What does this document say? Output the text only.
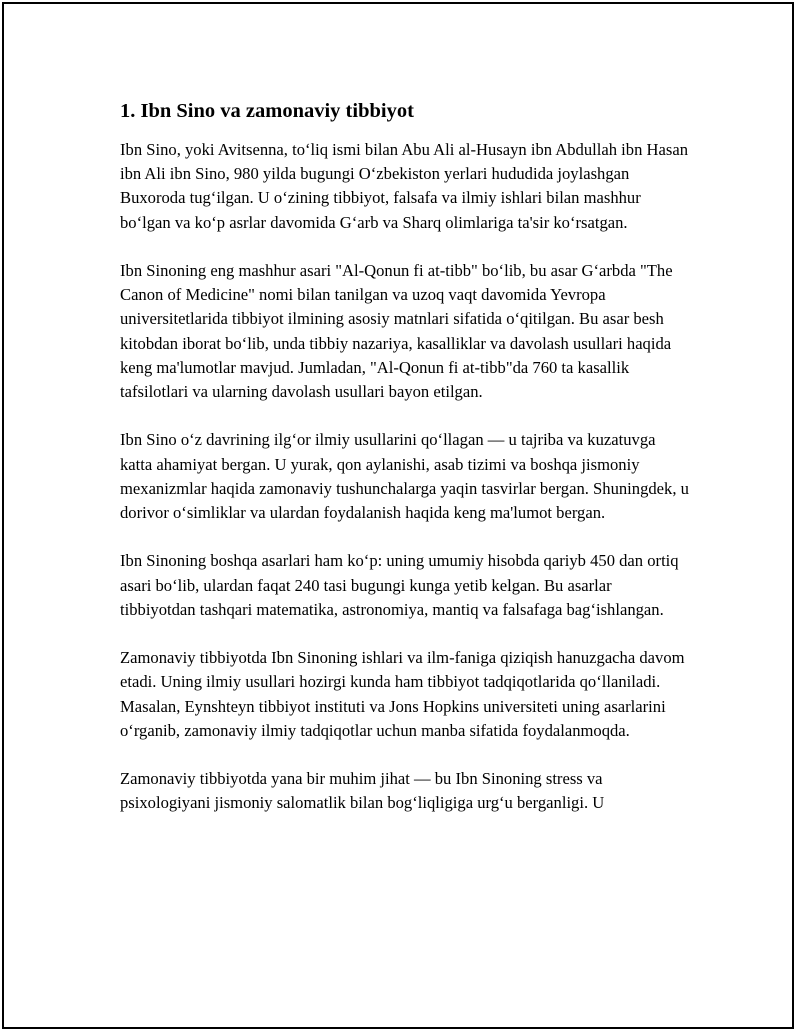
1. Ibn Sino va zamonaviy tibbiyot

Ibn Sino, yoki Avitsenna, to‘liq ismi bilan Abu Ali al-Husayn ibn Abdullah ibn Hasan ibn Ali ibn Sino, 980 yilda bugungi O‘zbekiston yerlari hududida joylashgan Buxoroda tug‘ilgan. U o‘zining tibbiyot, falsafa va ilmiy ishlari bilan mashhur bo‘lgan va ko‘p asrlar davomida G‘arb va Sharq olimlariga ta'sir ko‘rsatgan.

Ibn Sinoning eng mashhur asari "Al-Qonun fi at-tibb" bo‘lib, bu asar G‘arbda "The Canon of Medicine" nomi bilan tanilgan va uzoq vaqt davomida Yevropa universitetlarida tibbiyot ilmining asosiy matnlari sifatida o‘qitilgan. Bu asar besh kitobdan iborat bo‘lib, unda tibbiy nazariya, kasalliklar va davolash usullari haqida keng ma'lumotlar mavjud. Jumladan, "Al-Qonun fi at-tibb"da 760 ta kasallik tafsilotlari va ularning davolash usullari bayon etilgan.

Ibn Sino o‘z davrining ilg‘or ilmiy usullarini qo‘llagan — u tajriba va kuzatuvga katta ahamiyat bergan. U yurak, qon aylanishi, asab tizimi va boshqa jismoniy mexanizmlar haqida zamonaviy tushunchalarga yaqin tasvirlar bergan. Shuningdek, u dorivor o‘simliklar va ulardan foydalanish haqida keng ma'lumot bergan.

Ibn Sinoning boshqa asarlari ham ko‘p: uning umumiy hisobda qariyb 450 dan ortiq asari bo‘lib, ulardan faqat 240 tasi bugungi kunga yetib kelgan. Bu asarlar tibbiyotdan tashqari matematika, astronomiya, mantiq va falsafaga bag‘ishlangan.

Zamonaviy tibbiyotda Ibn Sinoning ishlari va ilm-faniga qiziqish hanuzgacha davom etadi. Uning ilmiy usullari hozirgi kunda ham tibbiyot tadqiqotlarida qo‘llaniladi. Masalan, Eynshteyn tibbiyot instituti va Jons Hopkins universiteti uning asarlarini o‘rganib, zamonaviy ilmiy tadqiqotlar uchun manba sifatida foydalanmoqda.

Zamonaviy tibbiyotda yana bir muhim jihat — bu Ibn Sinoning stress va psixologiyani jismoniy salomatlik bilan bog‘liqligiga urg‘u berganligi. U
